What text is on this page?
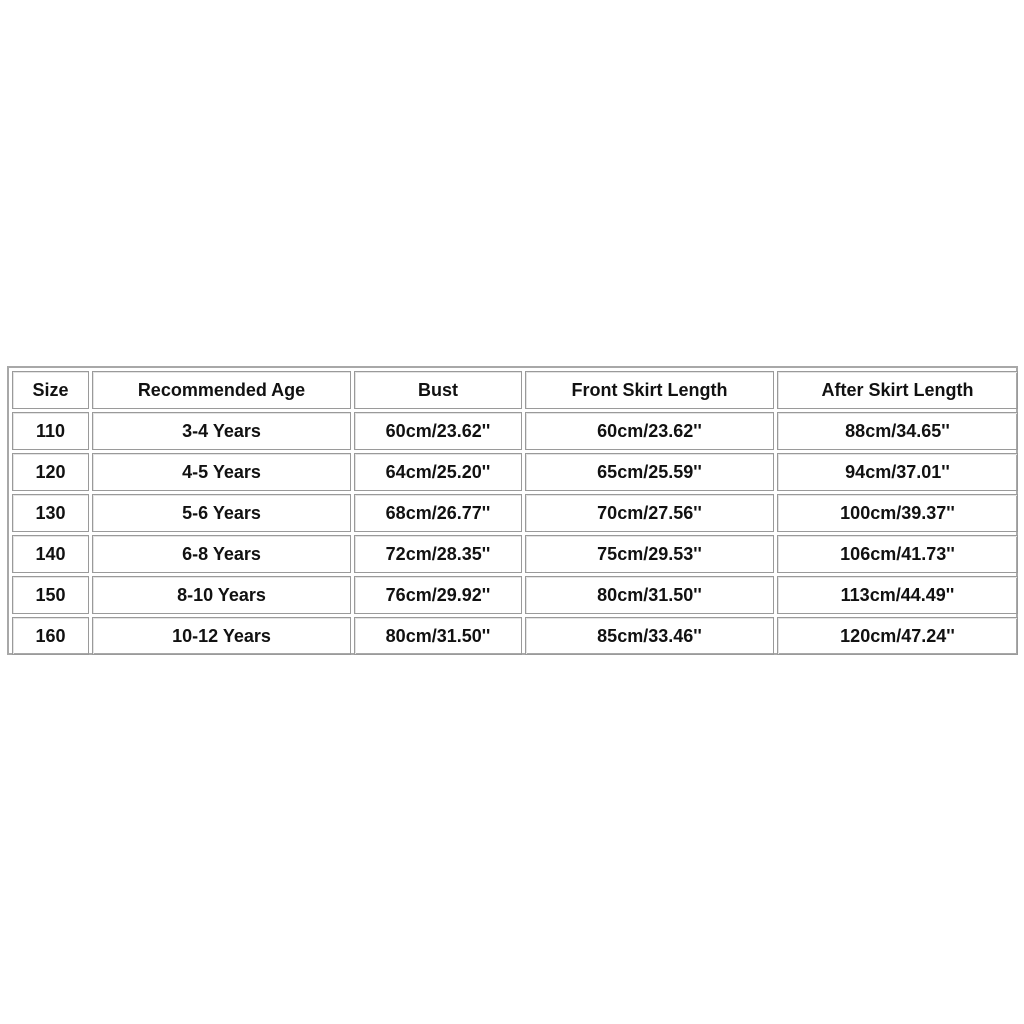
Size	Recommended Age	Bust	Front Skirt Length	After Skirt Length
110	3-4 Years	60cm/23.62''	60cm/23.62''	88cm/34.65''
120	4-5 Years	64cm/25.20''	65cm/25.59''	94cm/37.01''
130	5-6 Years	68cm/26.77''	70cm/27.56''	100cm/39.37''
140	6-8 Years	72cm/28.35''	75cm/29.53''	106cm/41.73''
150	8-10 Years	76cm/29.92''	80cm/31.50''	113cm/44.49''
160	10-12 Years	80cm/31.50''	85cm/33.46''	120cm/47.24''
